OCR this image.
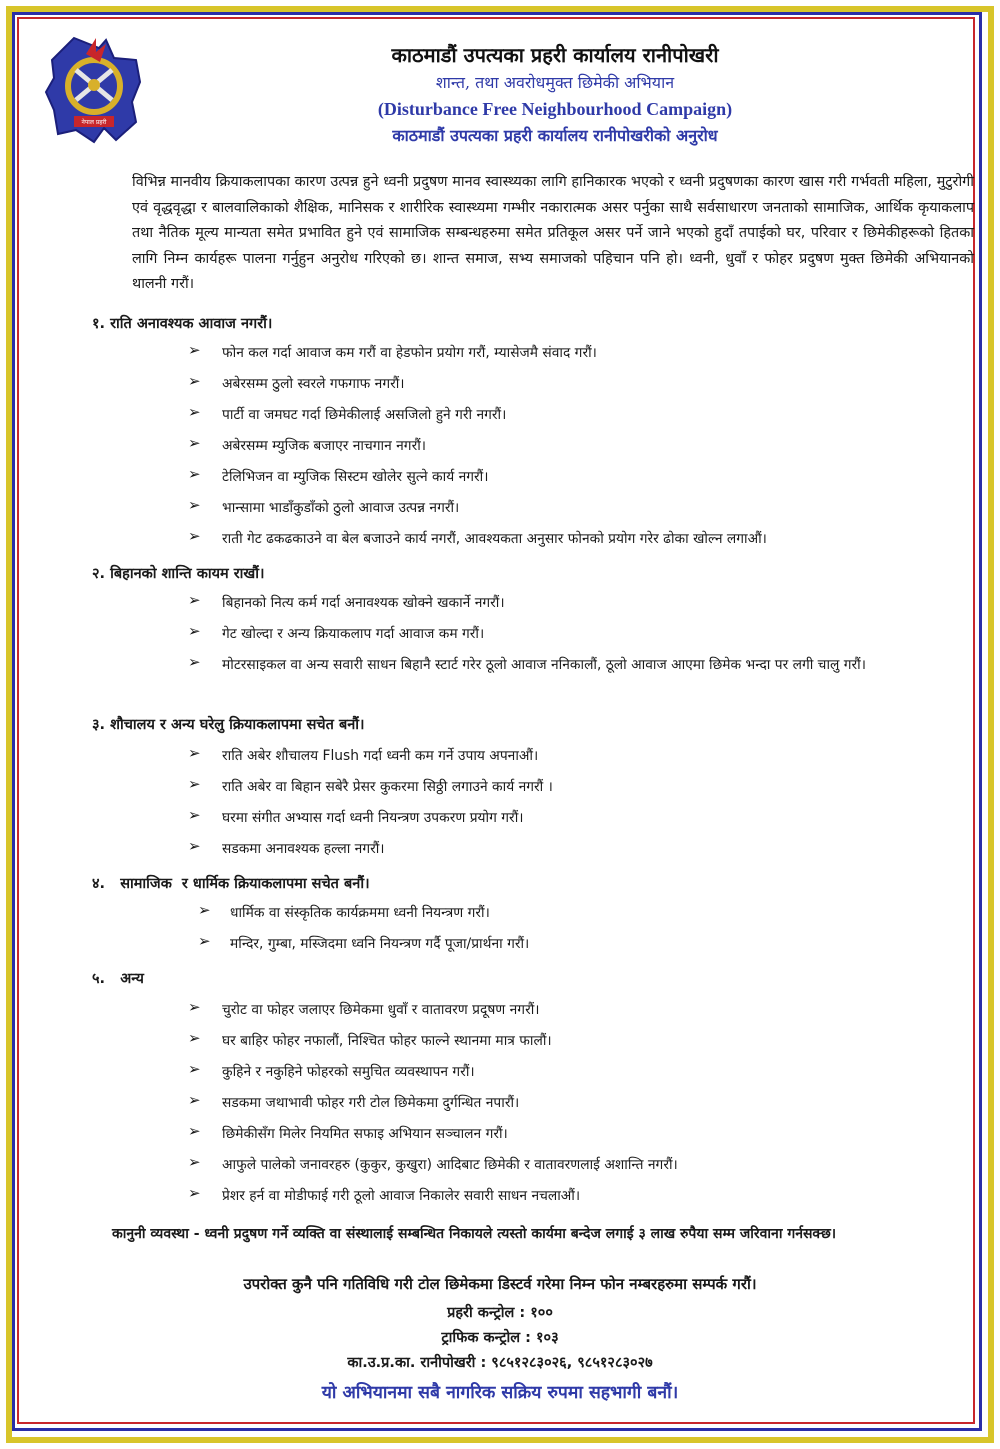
नेपाल प्रहरी

काठमाडौं उपत्यका प्रहरी कार्यालय रानीपोखरी

शान्त, तथा अवरोधमुक्त छिमेकी अभियान

(Disturbance Free Neighbourhood Campaign)

काठमाडौं उपत्यका प्रहरी कार्यालय रानीपोखरीको अनुरोध

विभिन्न मानवीय क्रियाकलापका कारण उत्पन्न हुने ध्वनी प्रदुषण मानव स्वास्थ्यका लागि हानिकारक भएको र ध्वनी प्रदुषणका कारण खास गरी गर्भवती महिला, मुटुरोगी एवं वृद्धवृद्धा र बालवालिकाको शैक्षिक, मानिसक र शारीरिक स्वास्थ्यमा गम्भीर नकारात्मक असर पर्नुका साथै सर्वसाधारण जनताको सामाजिक, आर्थिक कृयाकलाप तथा नैतिक मूल्य मान्यता समेत प्रभावित हुने एवं सामाजिक सम्बन्धहरुमा समेत प्रतिकूल असर पर्ने जाने भएको हुदाँ तपाईको घर, परिवार र छिमेकीहरूको हितका लागि निम्न कार्यहरू पालना गर्नुहुन अनुरोध गरिएको छ। शान्त समाज, सभ्य समाजको पहिचान पनि हो। ध्वनी, धुवाँ र फोहर प्रदुषण मुक्त छिमेकी अभियानको थालनी गरौं।
१. राति अनावश्यक आवाज नगरौं।
➢	फोन कल गर्दा आवाज कम गरौं वा हेडफोन प्रयोग गरौं, म्यासेजमै संवाद गरौं।
➢	अबेरसम्म ठुलो स्वरले गफगाफ नगरौं।
➢	पार्टी वा जमघट गर्दा छिमेकीलाई असजिलो हुने गरी नगरौं।
➢	अबेरसम्म म्युजिक बजाएर नाचगान नगरौं।
➢	टेलिभिजन वा म्युजिक सिस्टम खोलेर सुत्ने कार्य नगरौं।
➢	भान्सामा भाडाँकुडाँको ठुलो आवाज उत्पन्न नगरौं।
➢	राती गेट ढकढकाउने वा बेल बजाउने कार्य नगरौं, आवश्यकता अनुसार फोनको प्रयोग गरेर ढोका खोल्न लगाऔं।
२. बिहानको शान्ति कायम राखौं।
➢	बिहानको नित्य कर्म गर्दा अनावश्यक खोक्ने खकार्ने नगरौं।
➢	गेट खोल्दा र अन्य क्रियाकलाप गर्दा आवाज कम गरौं।
➢	मोटरसाइकल वा अन्य सवारी साधन बिहानै स्टार्ट गरेर ठूलो आवाज ननिकालौं, ठूलो आवाज आएमा छिमेक भन्दा पर लगी चालु गरौं।
३. शौचालय र अन्य घरेलु क्रियाकलापमा सचेत बनौं।
➢	राति अबेर शौचालय Flush गर्दा ध्वनी कम गर्ने उपाय अपनाऔं।
➢	राति अबेर वा बिहान सबेरै प्रेसर कुकरमा सिठ्ठी लगाउने कार्य नगरौं ।
➢	घरमा संगीत अभ्यास गर्दा ध्वनी नियन्त्रण उपकरण प्रयोग गरौं।
➢	सडकमा अनावश्यक हल्ला नगरौं।
४.   सामाजिक  र धार्मिक क्रियाकलापमा सचेत बनौं।
➢	धार्मिक वा संस्कृतिक कार्यक्रममा ध्वनी नियन्त्रण गरौं।
➢	मन्दिर, गुम्बा, मस्जिदमा ध्वनि नियन्त्रण गर्दै पूजा/प्रार्थना गरौं।
५.   अन्य
➢	चुरोट वा फोहर जलाएर छिमेकमा धुवाँ र वातावरण प्रदूषण नगरौं।
➢	घर बाहिर फोहर नफालौं, निश्चित फोहर फाल्ने स्थानमा मात्र फालौं।
➢	कुहिने र नकुहिने फोहरको समुचित व्यवस्थापन गरौं।
➢	सडकमा जथाभावी फोहर गरी टोल छिमेकमा दुर्गन्धित नपारौं।
➢	छिमेकीसँग मिलेर नियमित सफाइ अभियान सञ्चालन गरौं।
➢	आफुले पालेको जनावरहरु (कुकुर, कुखुरा) आदिबाट छिमेकी र वातावरणलाई अशान्ति नगरौं।
➢	प्रेशर हर्न वा मोडीफाई गरी ठूलो आवाज निकालेर सवारी साधन नचलाऔं।
कानुनी व्यवस्था - ध्वनी प्रदुषण गर्ने व्यक्ति वा संस्थालाई सम्बन्धित निकायले त्यस्तो कार्यमा बन्देज लगाई ३ लाख रुपैया सम्म जरिवाना गर्नसक्छ।
उपरोक्त कुनै पनि गतिविधि गरी टोल छिमेकमा डिस्टर्व गरेमा निम्न फोन नम्बरहरुमा सम्पर्क गरौं।
प्रहरी कन्ट्रोल : १००
ट्राफिक कन्ट्रोल : १०३
का.उ.प्र.का. रानीपोखरी : ९८५१२८३०२६, ९८५१२८३०२७
यो अभियानमा सबै नागरिक सक्रिय रुपमा सहभागी बनौं।
